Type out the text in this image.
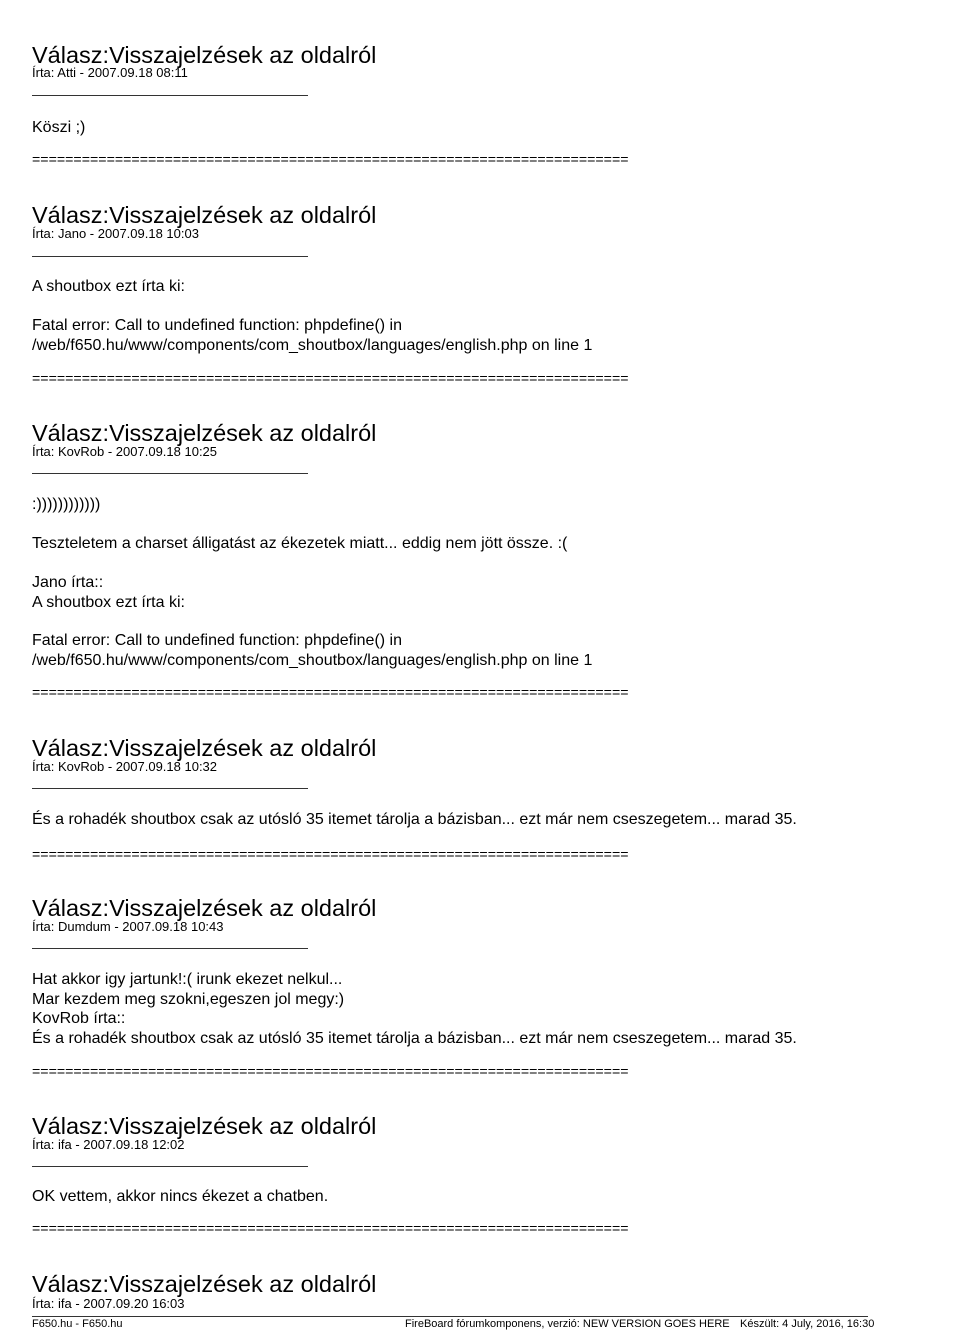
Válasz:Visszajelzések az oldalról
Írta: Atti - 2007.09.18 08:11
Köszi ;)
========================================================================
Válasz:Visszajelzések az oldalról
Írta: Jano - 2007.09.18 10:03
A shoutbox ezt írta ki:
Fatal error: Call to undefined function: phpdefine() in
/web/f650.hu/www/components/com_shoutbox/languages/english.php on line 1
========================================================================
Válasz:Visszajelzések az oldalról
Írta: KovRob - 2007.09.18 10:25
:))))))))))))
Teszteletem a charset álligatást az ékezetek miatt... eddig nem jött össze. :(
Jano írta::
A shoutbox ezt írta ki:
Fatal error: Call to undefined function: phpdefine() in
/web/f650.hu/www/components/com_shoutbox/languages/english.php on line 1
========================================================================
Válasz:Visszajelzések az oldalról
Írta: KovRob - 2007.09.18 10:32
És a rohadék shoutbox csak az utósló 35 itemet tárolja a bázisban... ezt már nem cseszegetem... marad 35.
========================================================================
Válasz:Visszajelzések az oldalról
Írta: Dumdum - 2007.09.18 10:43
Hat akkor igy jartunk!:( irunk ekezet nelkul...
Mar kezdem meg szokni,egeszen jol megy:)
KovRob írta::
És a rohadék shoutbox csak az utósló 35 itemet tárolja a bázisban... ezt már nem cseszegetem... marad 35.
========================================================================
Válasz:Visszajelzések az oldalról
Írta: ifa - 2007.09.18 12:02
OK vettem, akkor nincs ékezet a chatben.
========================================================================
Válasz:Visszajelzések az oldalról
Írta: ifa - 2007.09.20 16:03
F650.hu - F650.hu	FireBoard fórumkomponens, verzió: NEW VERSION GOES HERE Készült: 4 July, 2016, 16:30
